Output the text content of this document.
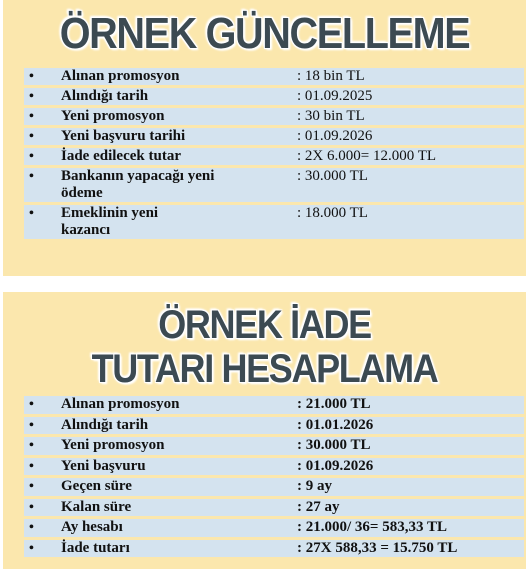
ÖRNEK GÜNCELLEME
• Alınan promosyon	: 18 bin TL
• Alındığı tarih	: 01.09.2025
• Yeni promosyon	: 30 bin TL
• Yeni başvuru tarihi	: 01.09.2026
• İade edilecek tutar	: 2X 6.000= 12.000 TL
• Bankanın yapacağı yeni ödeme
: 30.000 TL
• Emeklinin yeni kazancı
: 18.000 TL
ÖRNEK İADE
TUTARI HESAPLAMA
• Alınan promosyon	: 21.000 TL
• Alındığı tarih	: 01.01.2026
• Yeni promosyon	: 30.000 TL
• Yeni başvuru	: 01.09.2026
• Geçen süre	: 9 ay
• Kalan süre	: 27 ay
• Ay hesabı	: 21.000/ 36= 583,33 TL
• İade tutarı	: 27X 588,33 = 15.750 TL
